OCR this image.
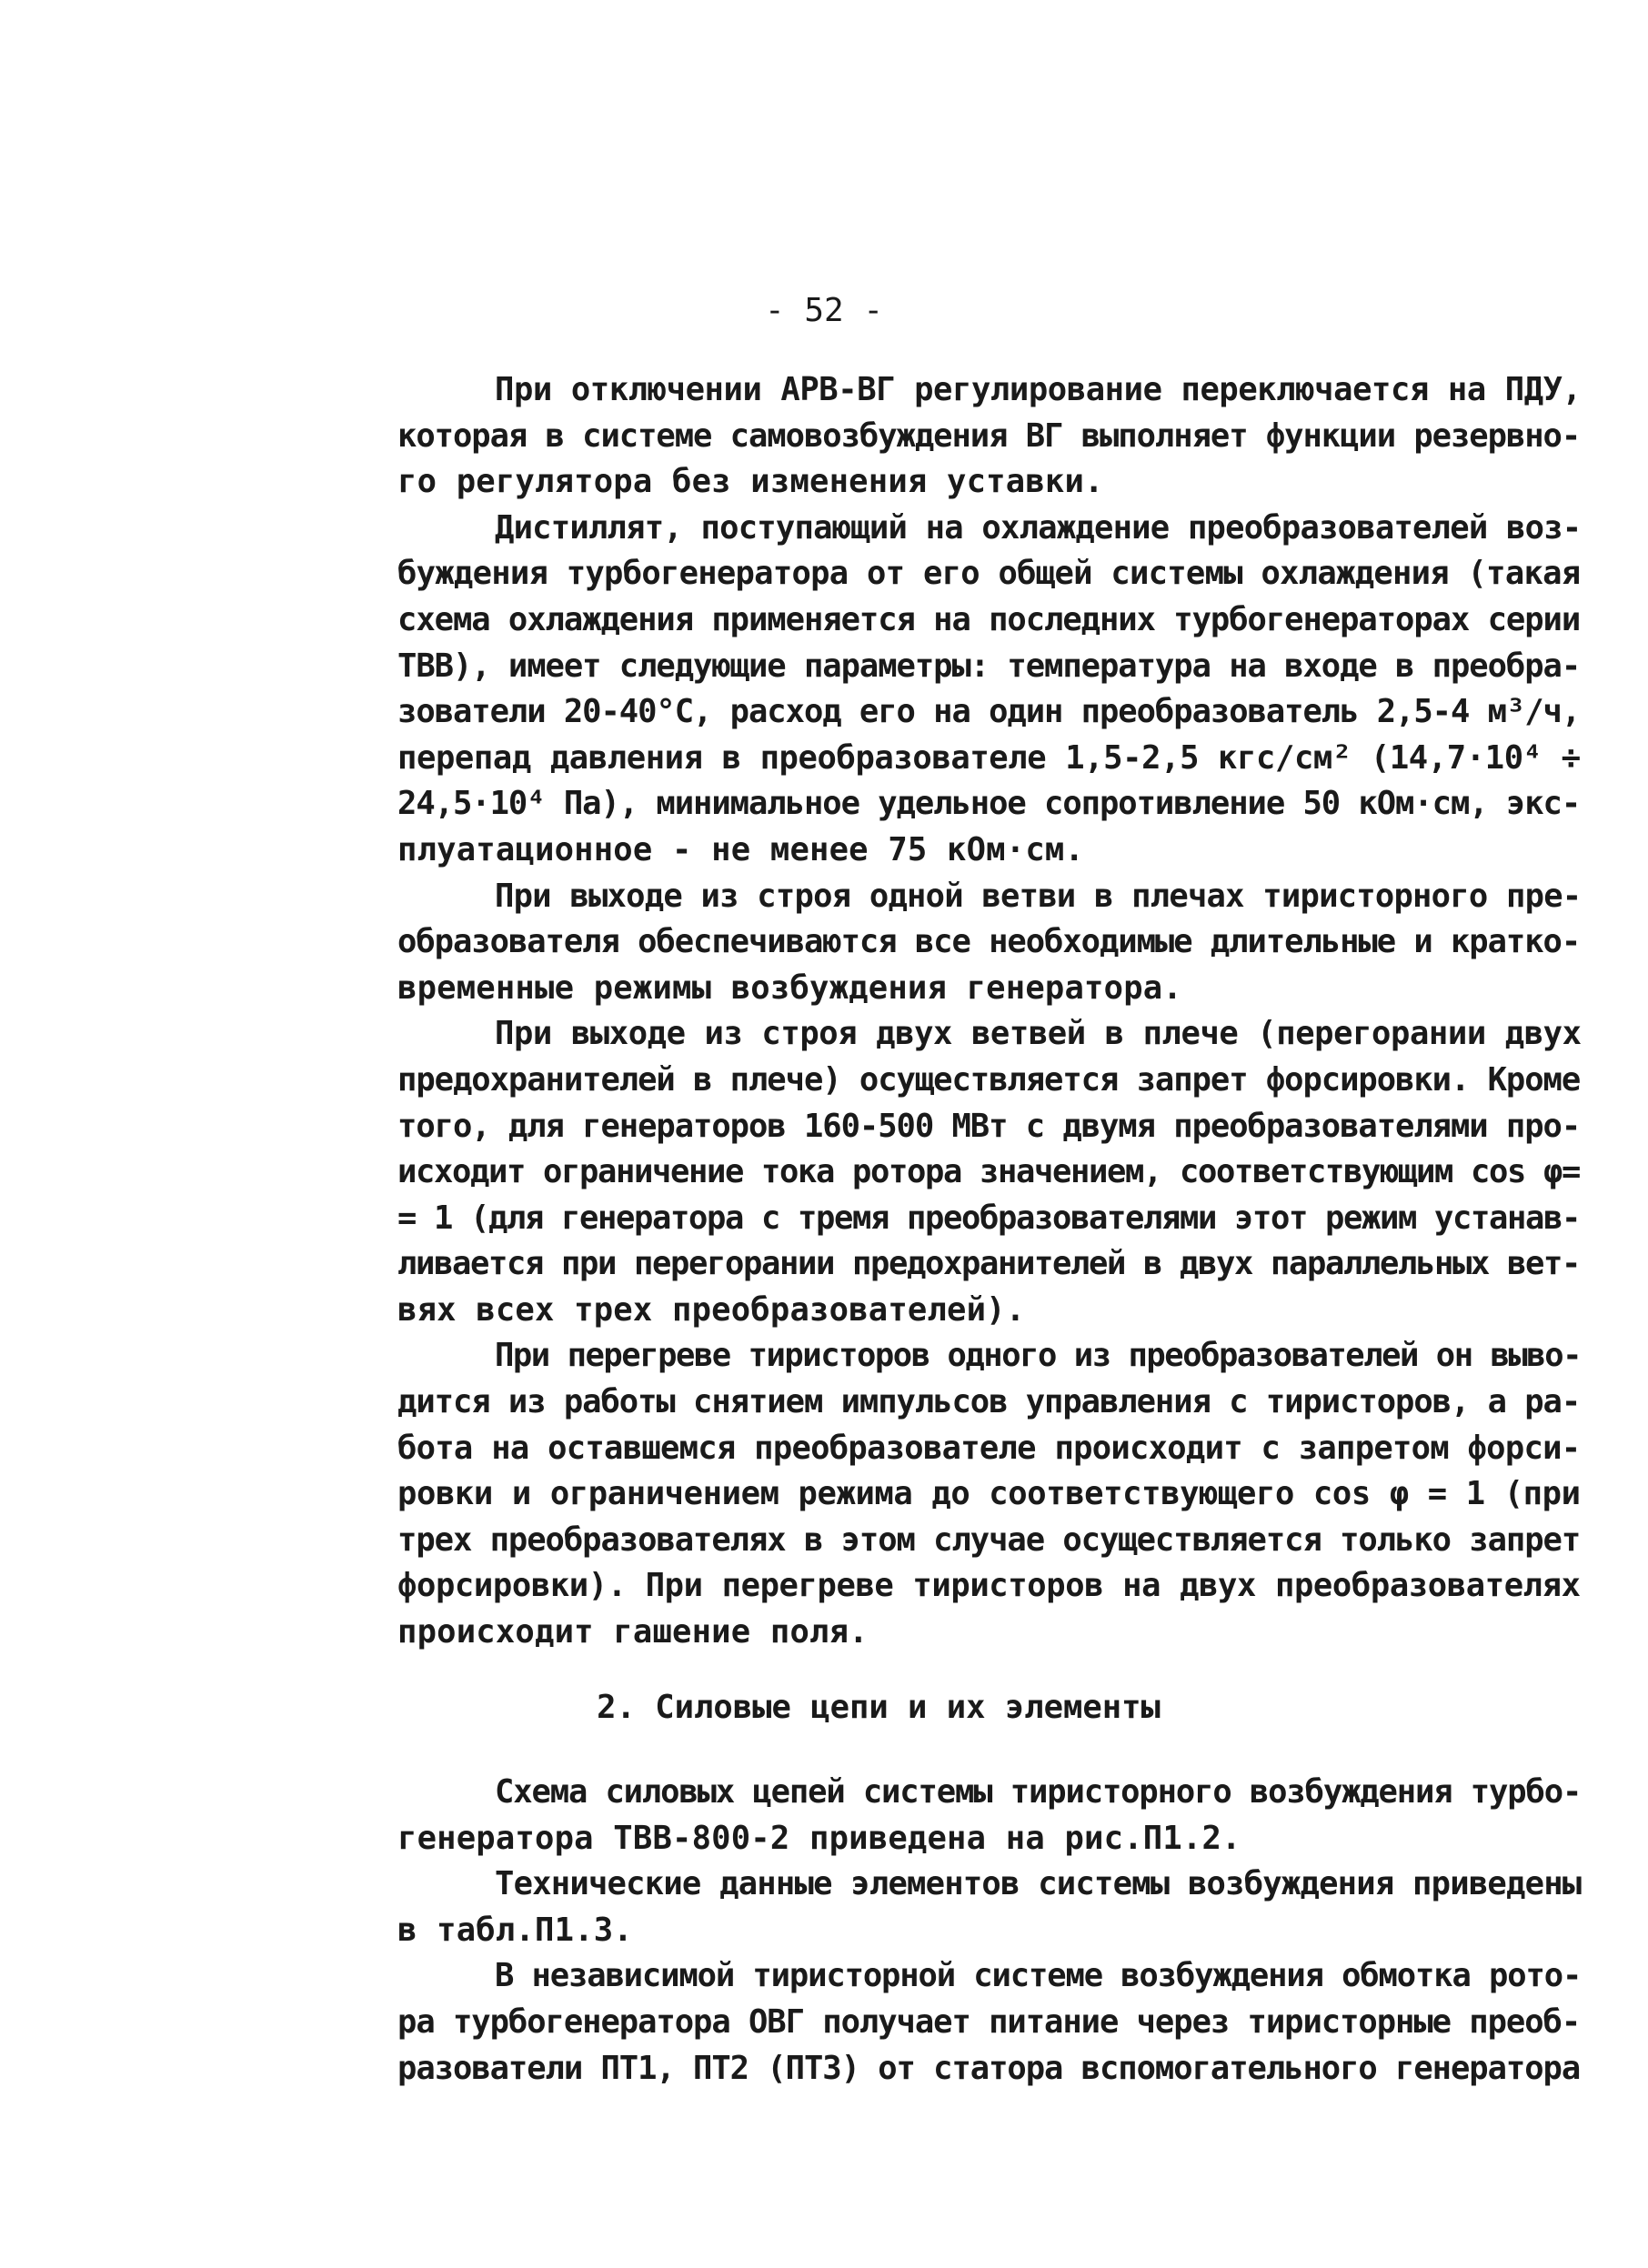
- 52 -
При отключении АРВ-ВГ регулирование переключается на ПДУ,
которая в системе самовозбуждения ВГ выполняет функции резервно-
го регулятора без изменения уставки.
Дистиллят, поступающий на охлаждение преобразователей воз-
буждения турбогенератора от его общей системы охлаждения (такая
схема охлаждения применяется на последних турбогенераторах серии
ТВВ), имеет следующие параметры: температура на входе в преобра-
зователи 20-40°С, расход его на один преобразователь 2,5-4 м³/ч,
перепад давления в преобразователе 1,5-2,5 кгс/см² (14,7·10⁴ ÷
24,5·10⁴ Па), минимальное удельное сопротивление 50 кОм·см, экс-
плуатационное - не менее 75 кОм·см.
При выходе из строя одной ветви в плечах тиристорного пре-
образователя обеспечиваются все необходимые длительные и кратко-
временные режимы возбуждения генератора.
При выходе из строя двух ветвей в плече (перегорании двух
предохранителей в плече) осуществляется запрет форсировки. Кроме
того, для генераторов 160-500 МВт с двумя преобразователями про-
исходит ограничение тока ротора значением, соответствующим cos φ=
= 1 (для генератора с тремя преобразователями этот режим устанав-
ливается при перегорании предохранителей в двух параллельных вет-
вях всех трех преобразователей).
При перегреве тиристоров одного из преобразователей он выво-
дится из работы снятием импульсов управления с тиристоров, а ра-
бота на оставшемся преобразователе происходит с запретом форси-
ровки и ограничением режима до соответствующего cos φ = 1 (при
трех преобразователях в этом случае осуществляется только запрет
форсировки). При перегреве тиристоров на двух преобразователях
происходит гашение поля.
2. Силовые цепи и их элементы
Схема силовых цепей системы тиристорного возбуждения турбо-
генератора ТВВ-800-2 приведена на рис.П1.2.
Технические данные элементов системы возбуждения приведены
в табл.П1.3.
В независимой тиристорной системе возбуждения обмотка рото-
ра турбогенератора ОВГ получает питание через тиристорные преоб-
разователи ПТ1, ПТ2 (ПТ3) от статора вспомогательного генератора
